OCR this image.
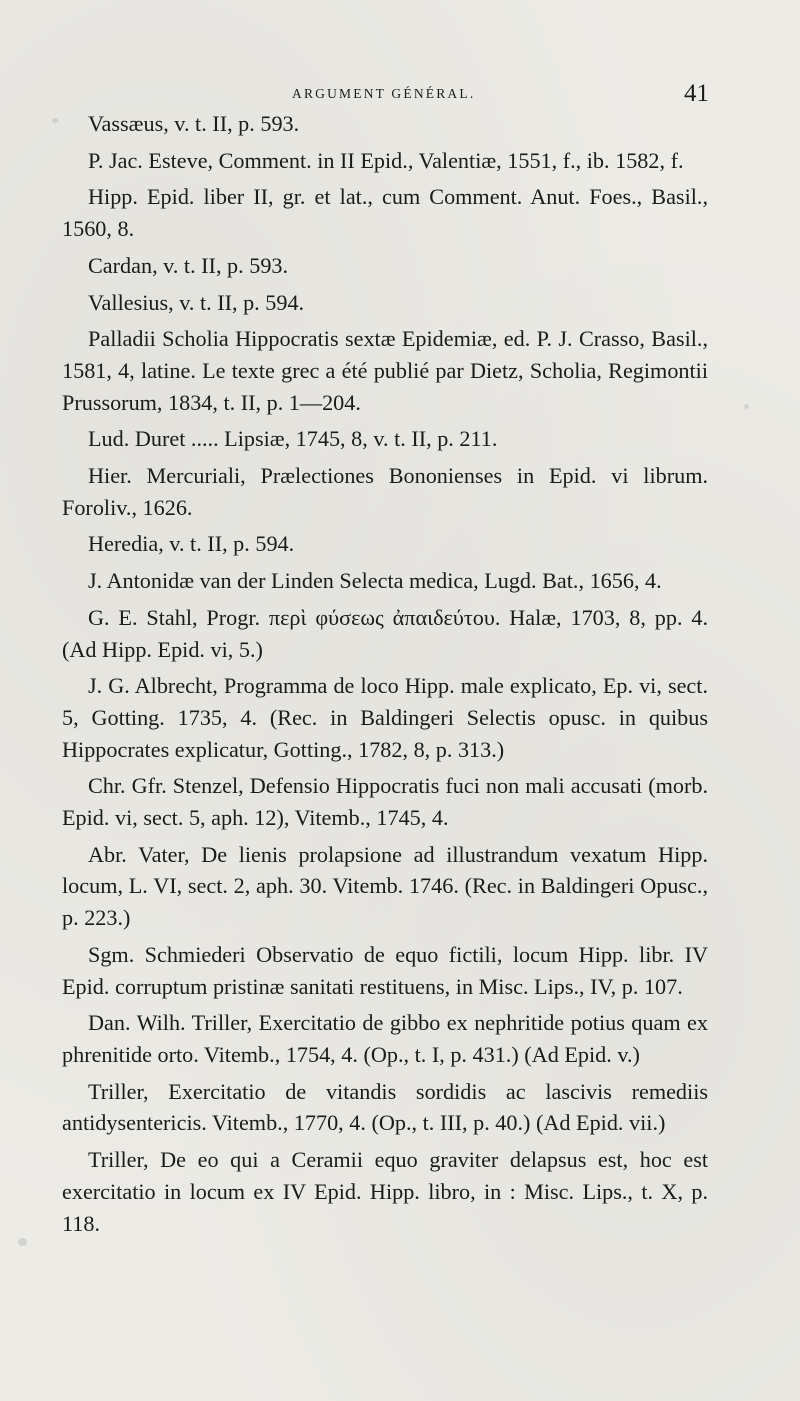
ARGUMENT GÉNÉRAL.	41

Vassæus, v. t. II, p. 593.

P. Jac. Esteve, Comment. in II Epid., Valentiæ, 1551, f., ib. 1582, f.

Hipp. Epid. liber II, gr. et lat., cum Comment. Anut. Foes., Basil., 1560, 8.

Cardan, v. t. II, p. 593.

Vallesius, v. t. II, p. 594.

Palladii Scholia Hippocratis sextæ Epidemiæ, ed. P. J. Crasso, Basil., 1581, 4, latine. Le texte grec a été publié par Dietz, Scholia, Regimontii Prussorum, 1834, t. II, p. 1—204.

Lud. Duret ..... Lipsiæ, 1745, 8, v. t. II, p. 211.

Hier. Mercuriali, Prælectiones Bononienses in Epid. vi librum. Foroliv., 1626.

Heredia, v. t. II, p. 594.

J. Antonidæ van der Linden Selecta medica, Lugd. Bat., 1656, 4.

G. E. Stahl, Progr. περὶ φύσεως ἀπαιδεύτου. Halæ, 1703, 8, pp. 4. (Ad Hipp. Epid. vi, 5.)

J. G. Albrecht, Programma de loco Hipp. male explicato, Ep. vi, sect. 5, Gotting. 1735, 4. (Rec. in Baldingeri Selectis opusc. in quibus Hippocrates explicatur, Gotting., 1782, 8, p. 313.)

Chr. Gfr. Stenzel, Defensio Hippocratis fuci non mali accusati (morb. Epid. vi, sect. 5, aph. 12), Vitemb., 1745, 4.

Abr. Vater, De lienis prolapsione ad illustrandum vexatum Hipp. locum, L. VI, sect. 2, aph. 30. Vitemb. 1746. (Rec. in Baldingeri Opusc., p. 223.)

Sgm. Schmiederi Observatio de equo fictili, locum Hipp. libr. IV Epid. corruptum pristinæ sanitati restituens, in Misc. Lips., IV, p. 107.

Dan. Wilh. Triller, Exercitatio de gibbo ex nephritide potius quam ex phrenitide orto. Vitemb., 1754, 4. (Op., t. I, p. 431.) (Ad Epid. v.)

Triller, Exercitatio de vitandis sordidis ac lascivis remediis antidysentericis. Vitemb., 1770, 4. (Op., t. III, p. 40.) (Ad Epid. vii.)

Triller, De eo qui a Ceramii equo graviter delapsus est, hoc est exercitatio in locum ex IV Epid. Hipp. libro, in : Misc. Lips., t. X, p. 118.
